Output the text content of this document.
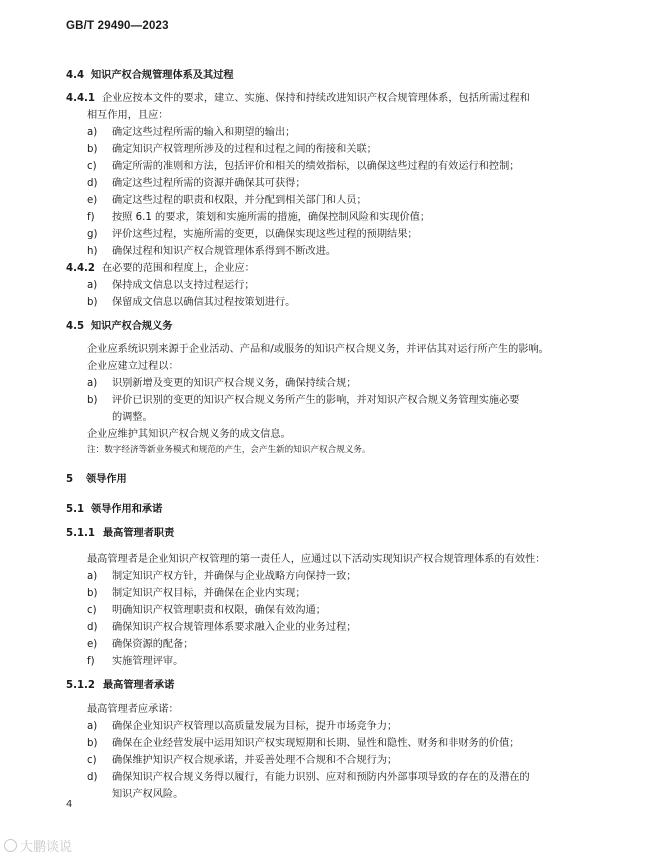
GB/T 29490—2023
4.4 知识产权合规管理体系及其过程
4.4.1 企业应按本文件的要求，建立、实施、保持和持续改进知识产权合规管理体系，包括所需过程和
相互作用，且应：
a) 确定这些过程所需的输入和期望的输出；
b) 确定知识产权管理所涉及的过程和过程之间的衔接和关联；
c) 确定所需的准则和方法，包括评价和相关的绩效指标，以确保这些过程的有效运行和控制；
d) 确定这些过程所需的资源并确保其可获得；
e) 确定这些过程的职责和权限，并分配到相关部门和人员；
f) 按照 6.1 的要求，策划和实施所需的措施，确保控制风险和实现价值；
g) 评价这些过程，实施所需的变更，以确保实现这些过程的预期结果；
h) 确保过程和知识产权合规管理体系得到不断改进。
4.4.2 在必要的范围和程度上，企业应：
a) 保持成文信息以支持过程运行；
b) 保留成文信息以确信其过程按策划进行。
4.5 知识产权合规义务
企业应系统识别来源于企业活动、产品和/或服务的知识产权合规义务，并评估其对运行所产生的影响。
企业应建立过程以：
a) 识别新增及变更的知识产权合规义务，确保持续合规；
b) 评价已识别的变更的知识产权合规义务所产生的影响，并对知识产权合规义务管理实施必要
的调整。
企业应维护其知识产权合规义务的成文信息。
注：数字经济等新业务模式和规范的产生，会产生新的知识产权合规义务。
5 领导作用
5.1 领导作用和承诺
5.1.1 最高管理者职责
最高管理者是企业知识产权管理的第一责任人，应通过以下活动实现知识产权合规管理体系的有效性：
a) 制定知识产权方针，并确保与企业战略方向保持一致；
b) 制定知识产权目标，并确保在企业内实现；
c) 明确知识产权管理职责和权限，确保有效沟通；
d) 确保知识产权合规管理体系要求融入企业的业务过程；
e) 确保资源的配备；
f) 实施管理评审。
5.1.2 最高管理者承诺
最高管理者应承诺：
a) 确保企业知识产权管理以高质量发展为目标，提升市场竞争力；
b) 确保在企业经营发展中运用知识产权实现短期和长期、显性和隐性、财务和非财务的价值；
c) 确保维护知识产权合规承诺，并妥善处理不合规和不合规行为；
d) 确保知识产权合规义务得以履行，有能力识别、应对和预防内外部事项导致的存在的及潜在的
知识产权风险。
4
大鹏谈说
